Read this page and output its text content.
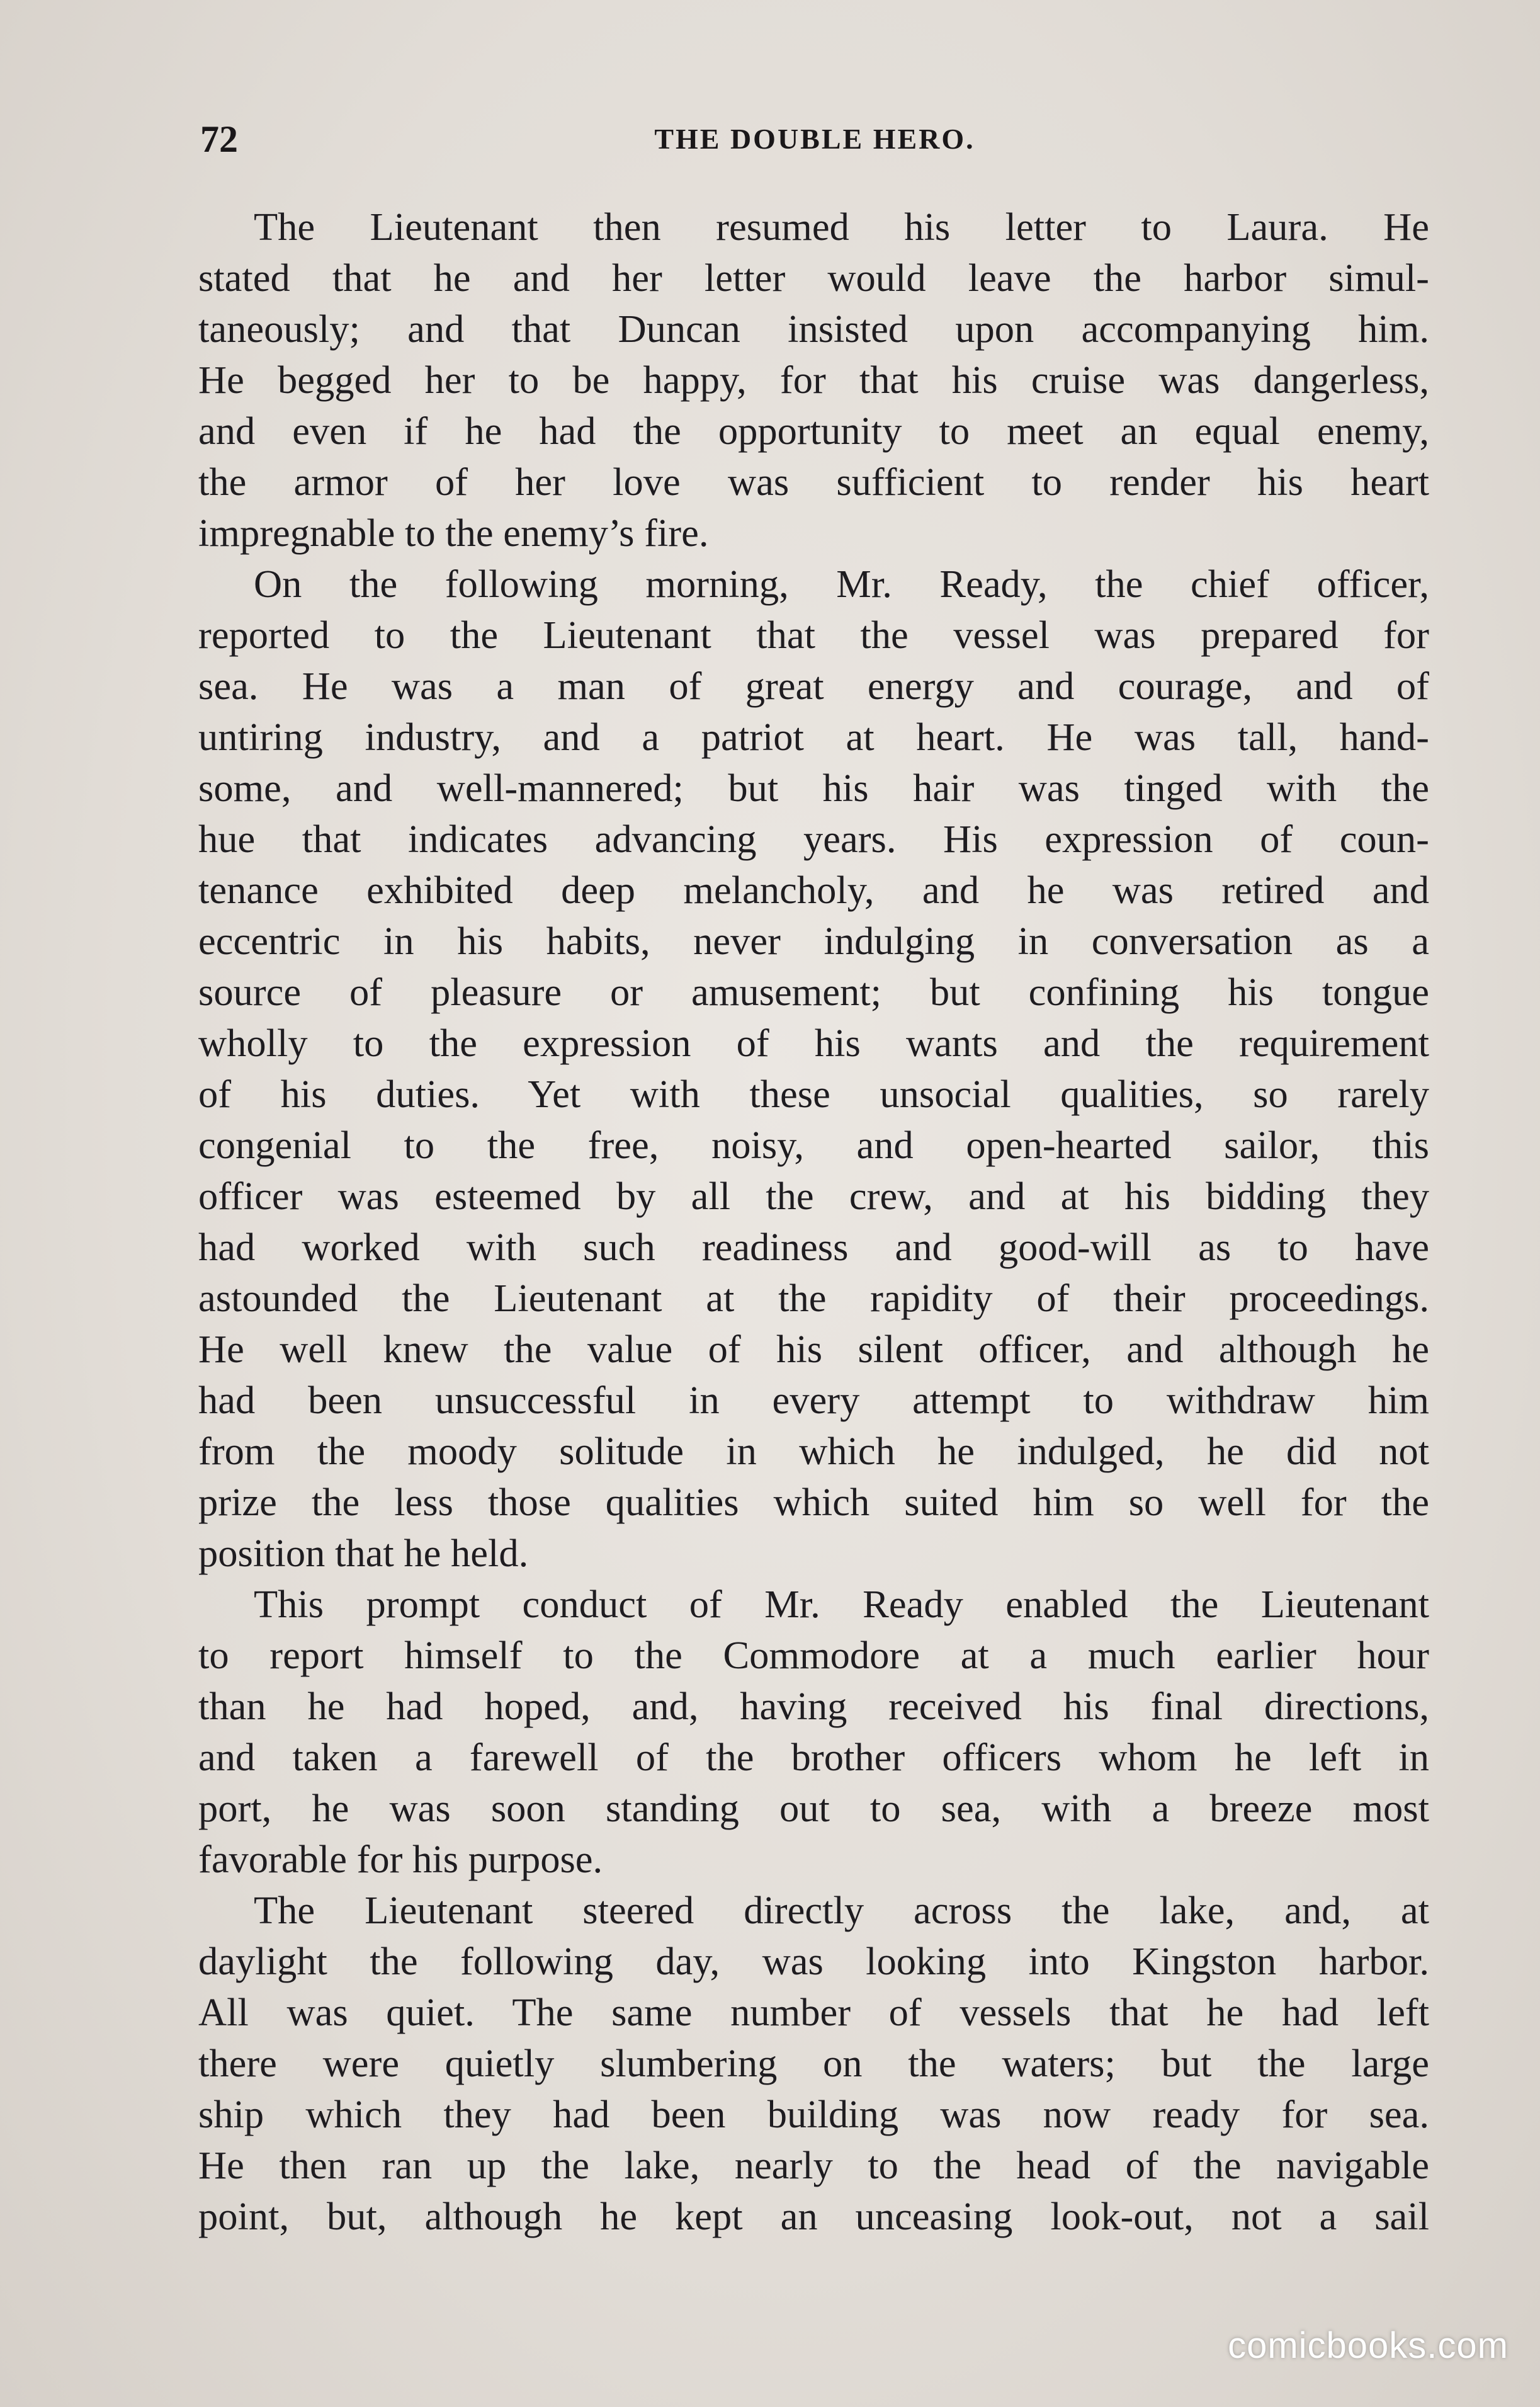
72	THE DOUBLE HERO.
The Lieutenant then resumed his letter to Laura. He
stated that he and her letter would leave the harbor simul-
taneously; and that Duncan insisted upon accompanying him.
He begged her to be happy, for that his cruise was dangerless,
and even if he had the opportunity to meet an equal enemy,
the armor of her love was sufficient to render his heart
impregnable to the enemy’s fire.
On the following morning, Mr. Ready, the chief officer,
reported to the Lieutenant that the vessel was prepared for
sea. He was a man of great energy and courage, and of
untiring industry, and a patriot at heart. He was tall, hand-
some, and well-mannered; but his hair was tinged with the
hue that indicates advancing years. His expression of coun-
tenance exhibited deep melancholy, and he was retired and
eccentric in his habits, never indulging in conversation as a
source of pleasure or amusement; but confining his tongue
wholly to the expression of his wants and the requirement
of his duties. Yet with these unsocial qualities, so rarely
congenial to the free, noisy, and open-hearted sailor, this
officer was esteemed by all the crew, and at his bidding they
had worked with such readiness and good-will as to have
astounded the Lieutenant at the rapidity of their proceedings.
He well knew the value of his silent officer, and although he
had been unsuccessful in every attempt to withdraw him
from the moody solitude in which he indulged, he did not
prize the less those qualities which suited him so well for the
position that he held.
This prompt conduct of Mr. Ready enabled the Lieutenant
to report himself to the Commodore at a much earlier hour
than he had hoped, and, having received his final directions,
and taken a farewell of the brother officers whom he left in
port, he was soon standing out to sea, with a breeze most
favorable for his purpose.
The Lieutenant steered directly across the lake, and, at
daylight the following day, was looking into Kingston harbor.
All was quiet. The same number of vessels that he had left
there were quietly slumbering on the waters; but the large
ship which they had been building was now ready for sea.
He then ran up the lake, nearly to the head of the navigable
point, but, although he kept an unceasing look-out, not a sail
comicbooks.com
